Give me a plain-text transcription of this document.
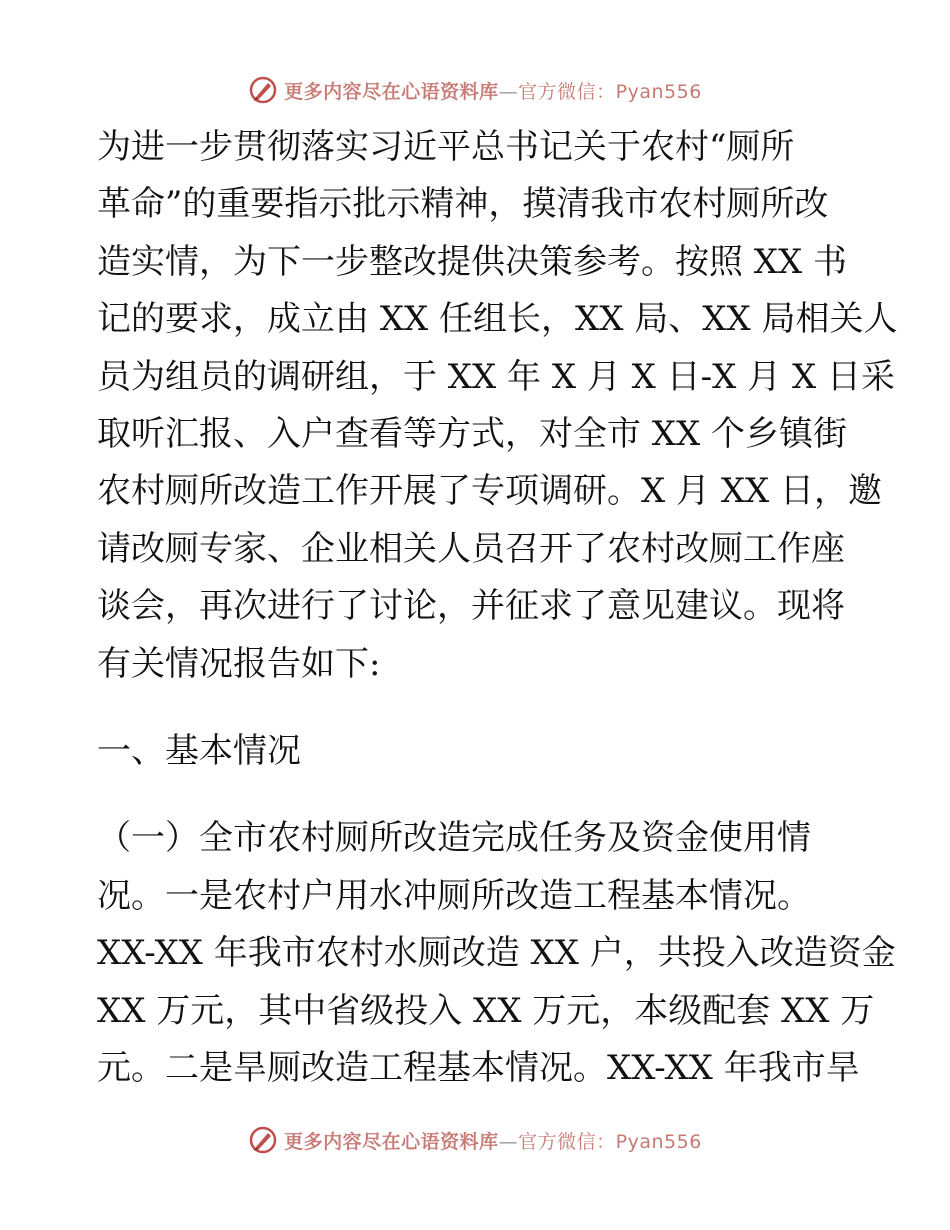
更多内容尽在心语资料库—官方微信：Pyan556

为进一步贯彻落实习近平总书记关于农村“厕所

革命”的重要指示批示精神，摸清我市农村厕所改

造实情，为下一步整改提供决策参考。按照 XX 书

记的要求，成立由 XX 任组长，XX 局、XX 局相关人

员为组员的调研组，于 XX 年 X 月 X 日-X 月 X 日采

取听汇报、入户查看等方式，对全市 XX 个乡镇街

农村厕所改造工作开展了专项调研。X 月 XX 日，邀

请改厕专家、企业相关人员召开了农村改厕工作座

谈会，再次进行了讨论，并征求了意见建议。现将

有关情况报告如下:

一、基本情况

（一）全市农村厕所改造完成任务及资金使用情

况。一是农村户用水冲厕所改造工程基本情况。

XX-XX 年我市农村水厕改造 XX 户，共投入改造资金

XX 万元，其中省级投入 XX 万元，本级配套 XX 万

元。二是旱厕改造工程基本情况。XX-XX 年我市旱

更多内容尽在心语资料库—官方微信：Pyan556
